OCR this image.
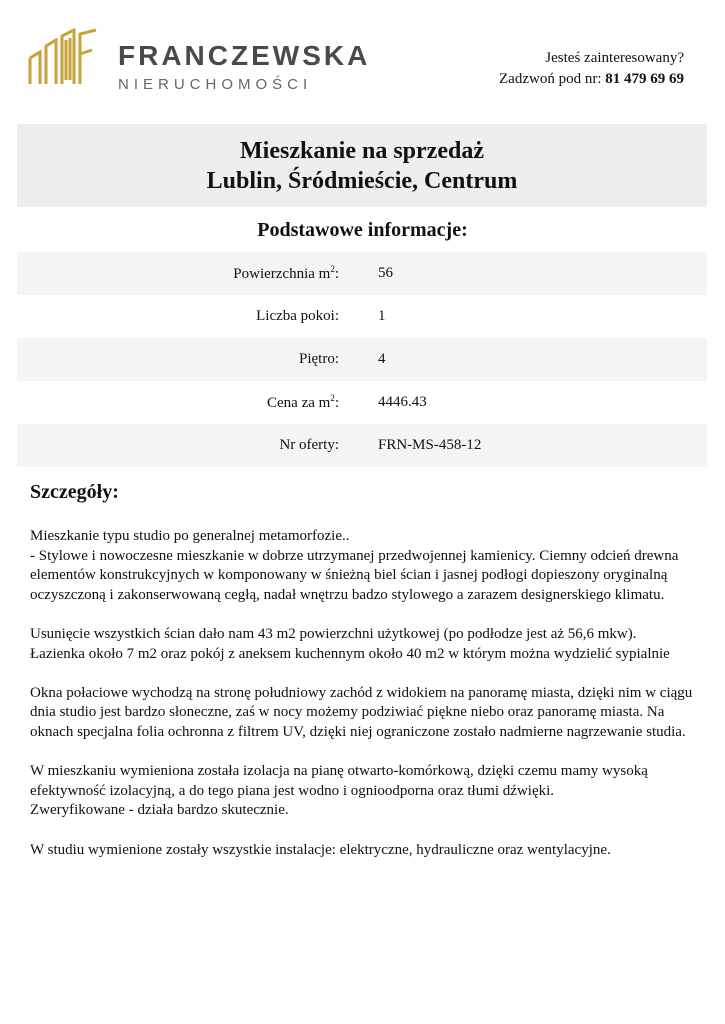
FRANCZEWSKA
NIERUCHOMOŚCI
Jesteś zainteresowany?
Zadzwoń pod nr: 81 479 69 69
Mieszkanie na sprzedaż
Lublin, Śródmieście, Centrum
Podstawowe informacje:
Powierzchnia $m^2$:	56
Liczba pokoi:	1
Piętro:	4
Cena za $m^2$:	4446.43
Nr oferty:	FRN-MS-458-12
Szczegóły:

Mieszkanie typu studio po generalnej metamorfozie..
- Stylowe i nowoczesne mieszkanie w dobrze utrzymanej przedwojennej kamienicy. Ciemny odcień drewna elementów konstrukcyjnych w komponowany w śnieżną biel ścian i jasnej podłogi dopieszony oryginalną oczyszczoną i zakonserwowaną cegłą, nadał wnętrzu badzo stylowego a zarazem designerskiego klimatu.

Usunięcie wszystkich ścian dało nam 43 m2 powierzchni użytkowej (po podłodze jest aż 56,6 mkw).
Łazienka około 7 m2 oraz pokój z aneksem kuchennym około 40 m2 w którym można wydzielić sypialnie

Okna połaciowe wychodzą na stronę południowy zachód z widokiem na panoramę miasta, dzięki nim w ciągu dnia studio jest bardzo słoneczne, zaś w nocy możemy podziwiać piękne niebo oraz panoramę miasta. Na oknach specjalna folia ochronna z filtrem UV, dzięki niej ograniczone zostało nadmierne nagrzewanie studia.

W mieszkaniu wymieniona została izolacja na pianę otwarto-komórkową, dzięki czemu mamy wysoką efektywność izolacyjną, a do tego piana jest wodno i ognioodporna oraz tłumi dźwięki.
Zweryfikowane - działa bardzo skutecznie.

W studiu wymienione zostały wszystkie instalacje: elektryczne, hydrauliczne oraz wentylacyjne.
